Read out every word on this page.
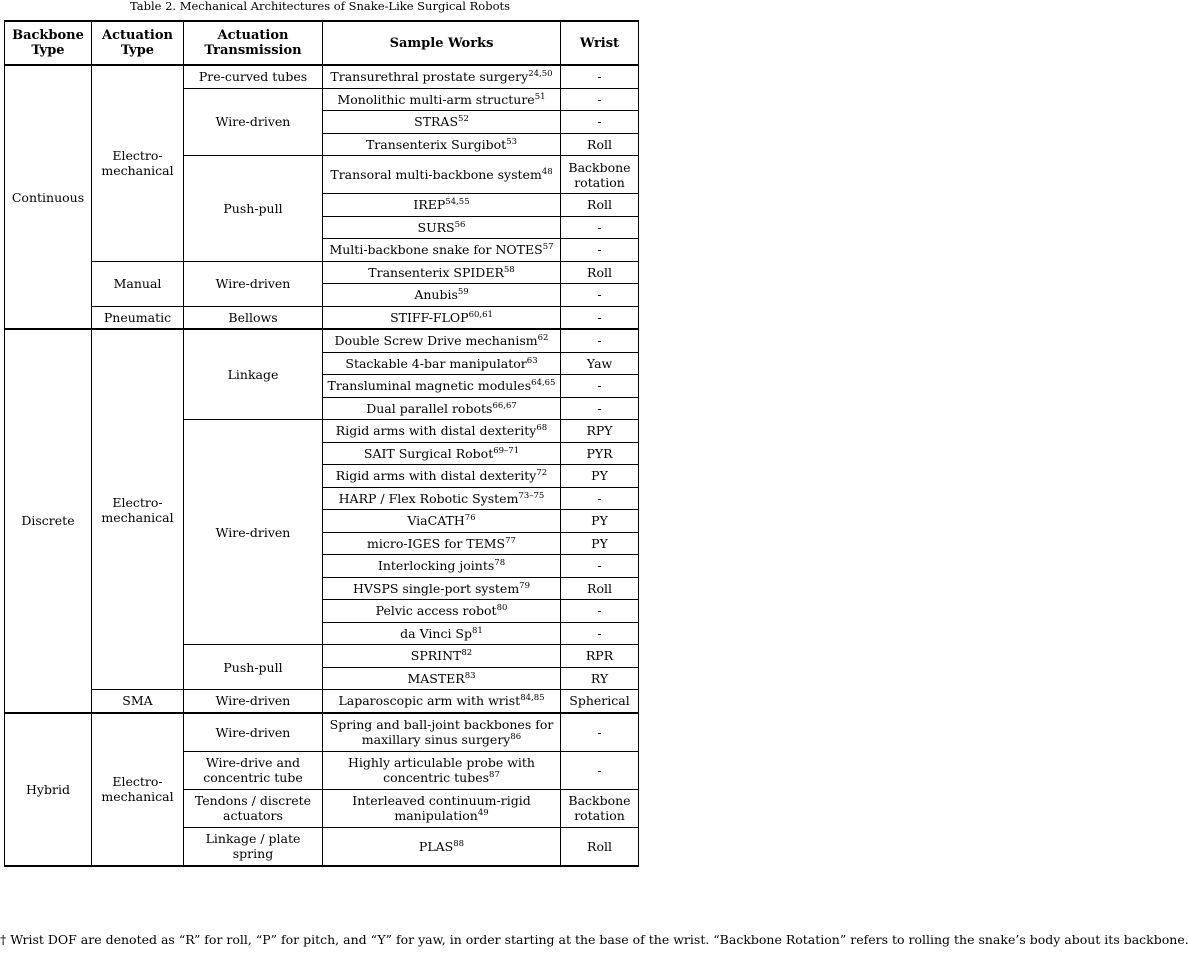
Table 2. Mechanical Architectures of Snake-Like Surgical Robots
Backbone Type	Actuation Type	Actuation Transmission	Sample Works	Wrist
Continuous	Electro-mechanical	Pre-curved tubes	Transurethral prostate surgery$^{24,50}$	-
		Wire-driven	Monolithic multi-arm structure$^{51}$	-
			STRAS$^{52}$	-
			Transenterix Surgibot$^{53}$	Roll
		Push-pull	Transoral multi-backbone system$^{48}$	Backbone rotation
			IREP$^{54,55}$	Roll
			SURS$^{56}$	-
			Multi-backbone snake for NOTES$^{57}$	-
	Manual	Wire-driven	Transenterix SPIDER$^{58}$	Roll
			Anubis$^{59}$	-
	Pneumatic	Bellows	STIFF-FLOP$^{60,61}$	-
Discrete	Electro-mechanical	Linkage	Double Screw Drive mechanism$^{62}$	-
			Stackable 4-bar manipulator$^{63}$	Yaw
			Transluminal magnetic modules$^{64,65}$	-
			Dual parallel robots$^{66,67}$	-
		Wire-driven	Rigid arms with distal dexterity$^{68}$	RPY
			SAIT Surgical Robot$^{69-71}$	PYR
			Rigid arms with distal dexterity$^{72}$	PY
			HARP / Flex Robotic System$^{73-75}$	-
			ViaCATH$^{76}$	PY
			micro-IGES for TEMS$^{77}$	PY
			Interlocking joints$^{78}$	-
			HVSPS single-port system$^{79}$	Roll
			Pelvic access robot$^{80}$	-
			da Vinci Sp$^{81}$	-
		Push-pull	SPRINT$^{82}$	RPR
			MASTER$^{83}$	RY
	SMA	Wire-driven	Laparoscopic arm with wrist$^{84,85}$	Spherical
Hybrid	Electro-mechanical	Wire-driven	Spring and ball-joint backbones for maxillary sinus surgery$^{86}$	-
		Wire-drive and concentric tube	Highly articulable probe with concentric tubes$^{87}$	-
		Tendons / discrete actuators	Interleaved continuum-rigid manipulation$^{49}$	Backbone rotation
		Linkage / plate spring	PLAS$^{88}$	Roll
† Wrist DOF are denoted as “R” for roll, “P” for pitch, and “Y” for yaw, in order starting at the base of the wrist. “Backbone Rotation” refers to rolling the snake’s body about its backbone.
